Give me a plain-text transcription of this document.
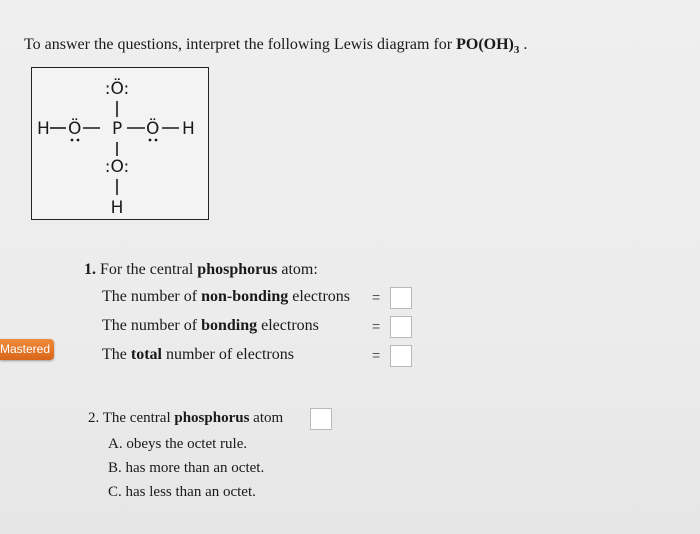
To answer the questions, interpret the following Lewis diagram for $PO(OH)_3$ .
:Ö:
H Ö P Ö H
:O:
H
Mastered
1. For the central phosphorus atom:
The number of non-bonding electrons =
The number of bonding electrons	=
The total number of electrons	=
2. The central phosphorus atom
A. obeys the octet rule.
B. has more than an octet.
C. has less than an octet.
